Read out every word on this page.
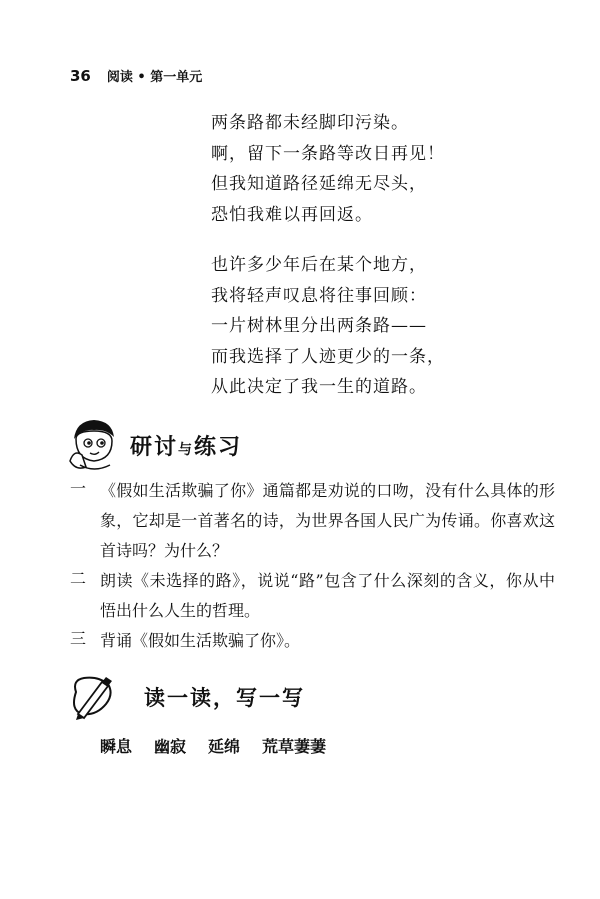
36 阅读 • 第一单元
两条路都未经脚印污染。
啊，留下一条路等改日再见！
但我知道路径延绵无尽头，
恐怕我难以再回返。
也许多少年后在某个地方，
我将轻声叹息将往事回顾：
一片树林里分出两条路——
而我选择了人迹更少的一条，
从此决定了我一生的道路。
研讨与练习
一 《假如生活欺骗了你》通篇都是劝说的口吻，没有什么具体的形象，它却是一首著名的诗，为世界各国人民广为传诵。你喜欢这首诗吗？为什么？
二 朗读《未选择的路》，说说“路”包含了什么深刻的含义，你从中悟出什么人生的哲理。
三 背诵《假如生活欺骗了你》。
读一读，写一写
瞬息 幽寂 延绵 荒草萋萋
